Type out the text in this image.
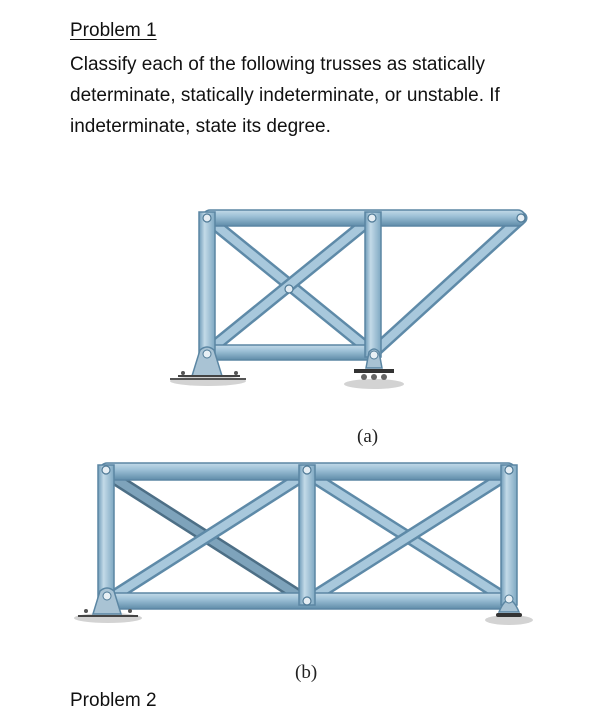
Problem 1

Classify each of the following trusses as statically determinate, statically indeterminate, or unstable. If indeterminate, state its degree.

(a)
(b)

Problem 2
